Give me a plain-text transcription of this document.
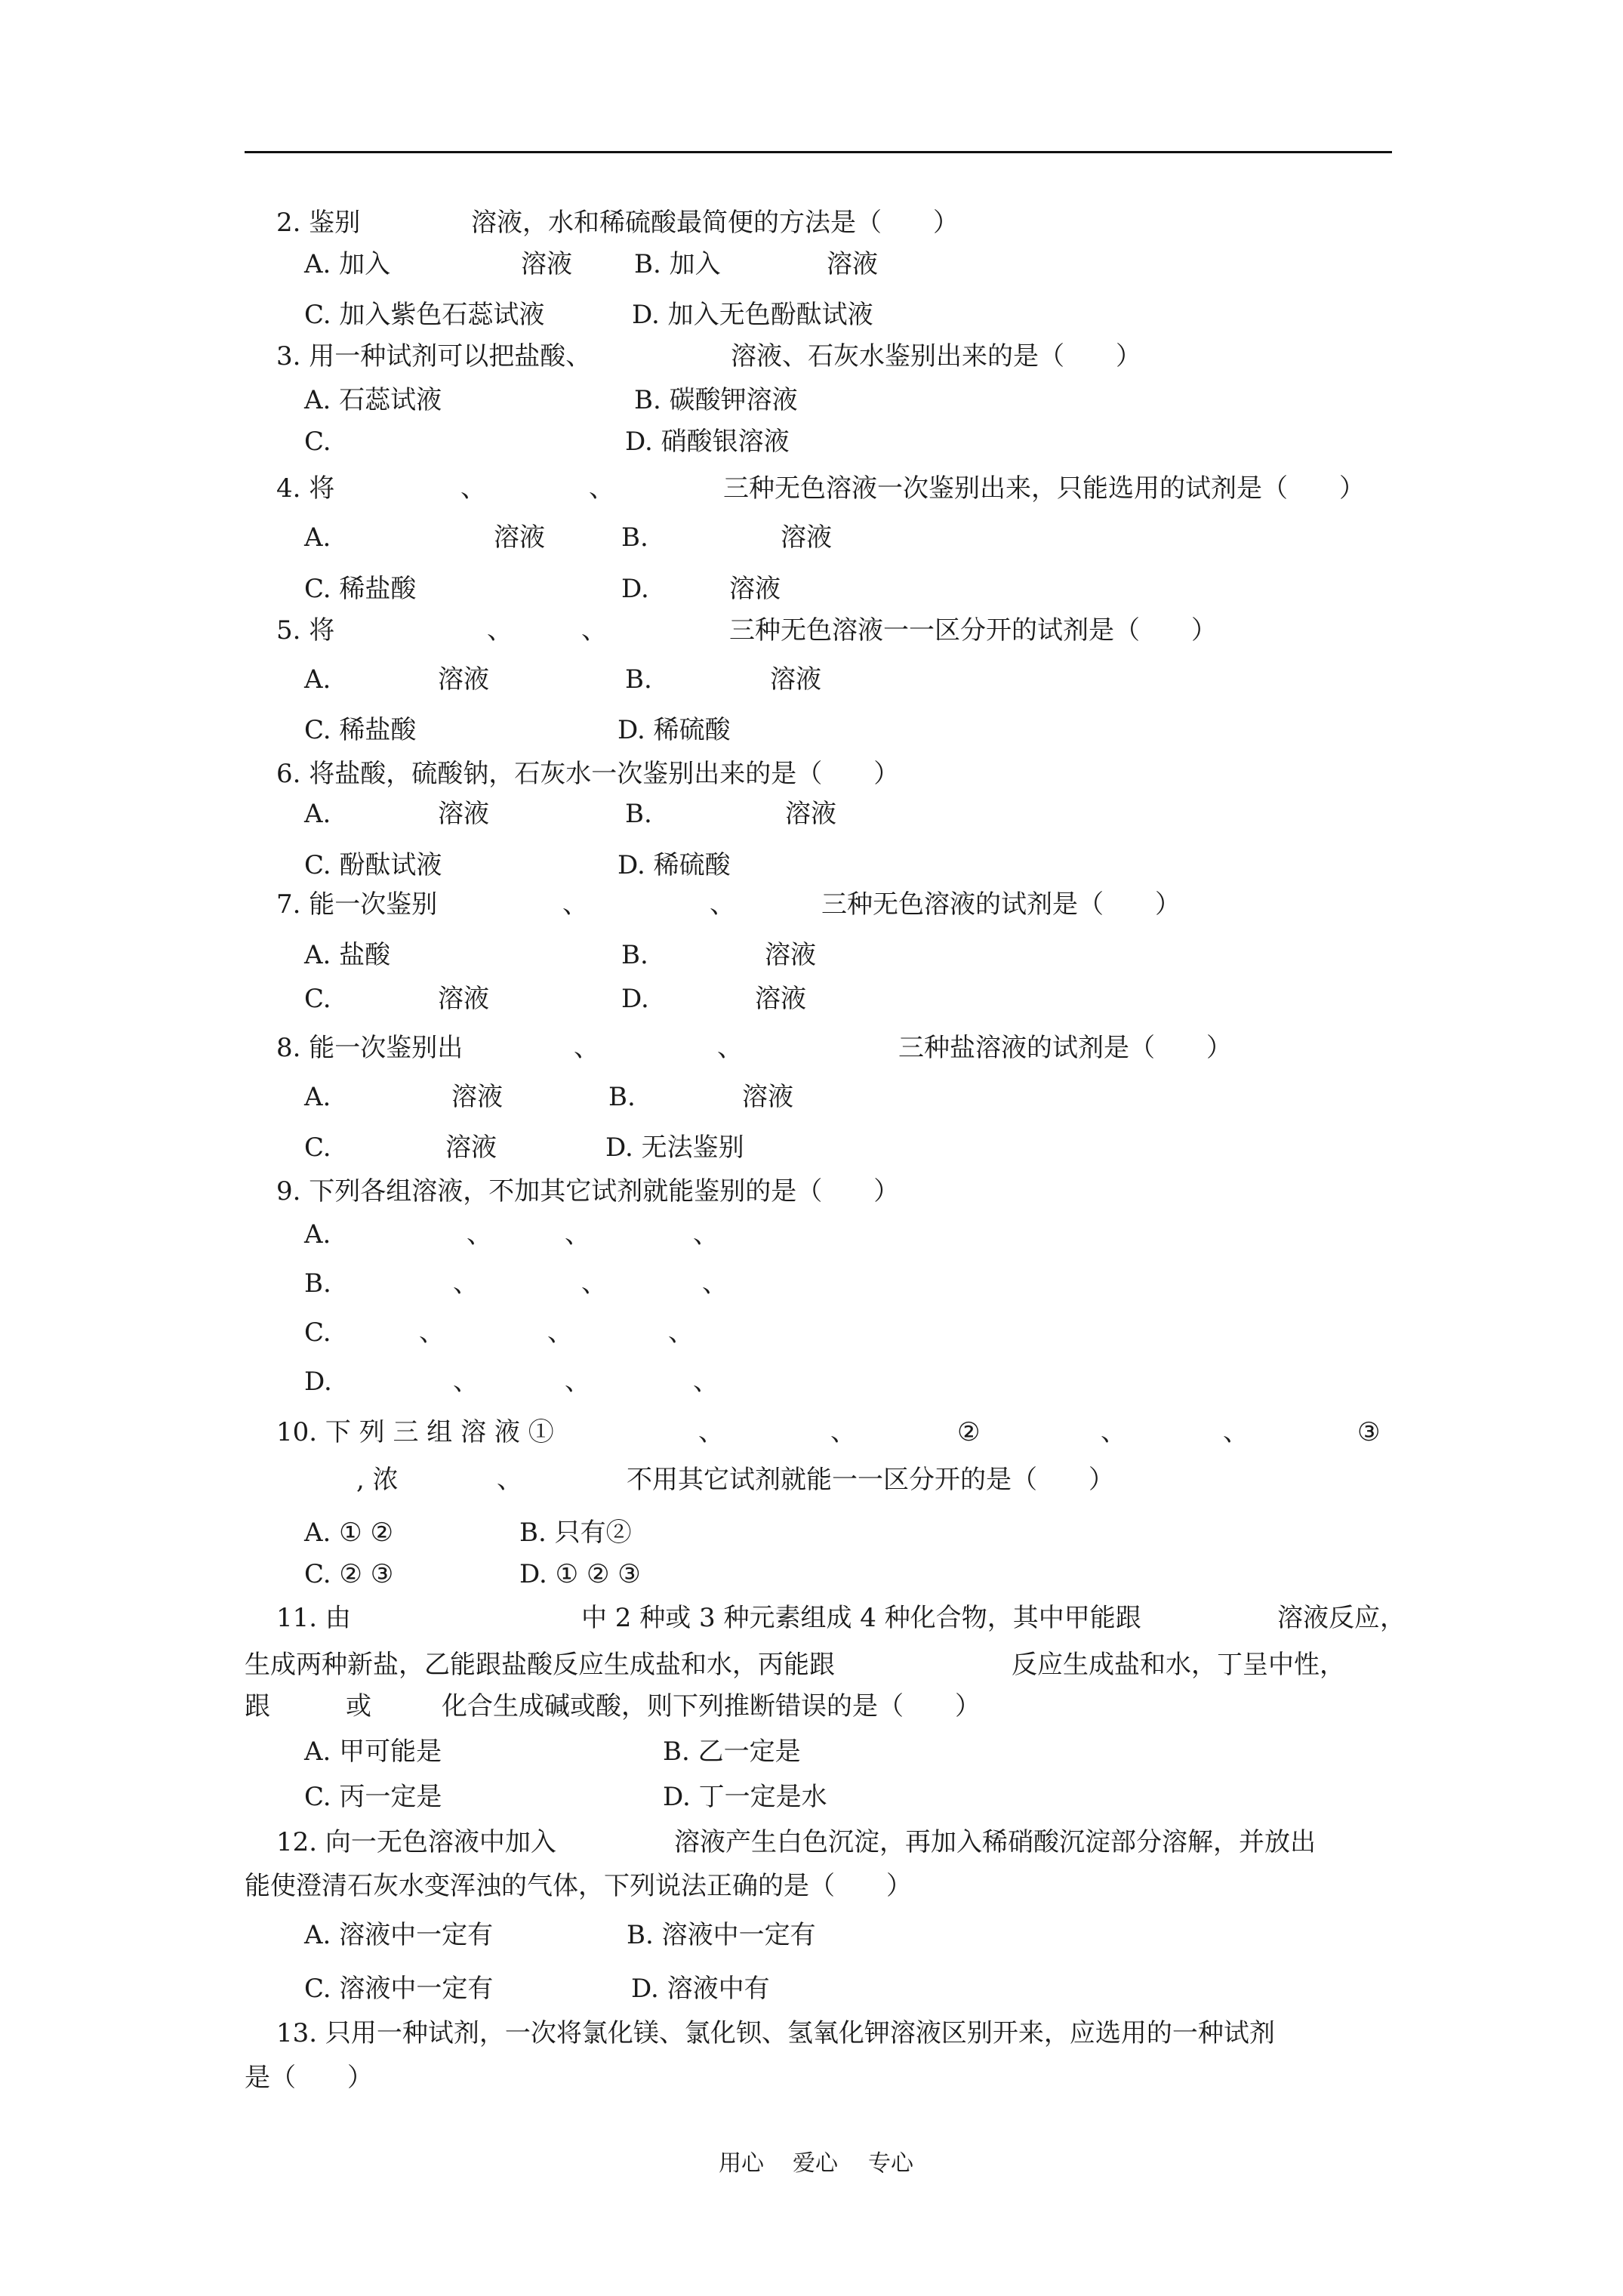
2. 鉴别	溶液，水和稀硫酸最简便的方法是（　　）
A. 加入	溶液 B. 加入	溶液
C. 加入紫色石蕊试液	D. 加入无色酚酞试液
3. 用一种试剂可以把盐酸、	溶液、石灰水鉴别出来的是（　　）
A. 石蕊试液	B. 碳酸钾溶液
C.	D. 硝酸银溶液
4. 将	、	、	三种无色溶液一次鉴别出来，只能选用的试剂是（　　）
A.	溶液	B.	溶液
C. 稀盐酸	D.	溶液
5. 将	、	、	三种无色溶液一一区分开的试剂是（　　）
A.	溶液	B.	溶液
C. 稀盐酸	D. 稀硫酸
6. 将盐酸，硫酸钠，石灰水一次鉴别出来的是（　　）
A.	溶液	B.	溶液
C. 酚酞试液	D. 稀硫酸
7. 能一次鉴别	、	、	三种无色溶液的试剂是（　　）
A. 盐酸	B.	溶液
C.	溶液	D.	溶液
8. 能一次鉴别出	、	、	三种盐溶液的试剂是（　　）
A.	溶液	B.	溶液
C.	溶液	D. 无法鉴别
9. 下列各组溶液，不加其它试剂就能鉴别的是（　　）
A.	、	、	、
B.	、	、	、
C.	、	、	、
D.	、	、	、
10. 下 列 三 组 溶 液 ①	、	、	②	、	、	③
, 浓	、	不用其它试剂就能一一区分开的是（　　）
A. ① ②	B. 只有②
C. ② ③	D. ① ② ③
11. 由	中 2 种或 3 种元素组成 4 种化合物，其中甲能跟	溶液反应，
生成两种新盐，乙能跟盐酸反应生成盐和水，丙能跟	反应生成盐和水，丁呈中性，
跟	或	化合生成碱或酸，则下列推断错误的是（　　）
A. 甲可能是	B. 乙一定是
C. 丙一定是	D. 丁一定是水
12. 向一无色溶液中加入	溶液产生白色沉淀，再加入稀硝酸沉淀部分溶解，并放出
能使澄清石灰水变浑浊的气体，下列说法正确的是（　　）
A. 溶液中一定有	B. 溶液中一定有
C. 溶液中一定有	D. 溶液中有
13. 只用一种试剂，一次将氯化镁、氯化钡、氢氧化钾溶液区别开来，应选用的一种试剂
是（　　）
用心 爱心 专心
